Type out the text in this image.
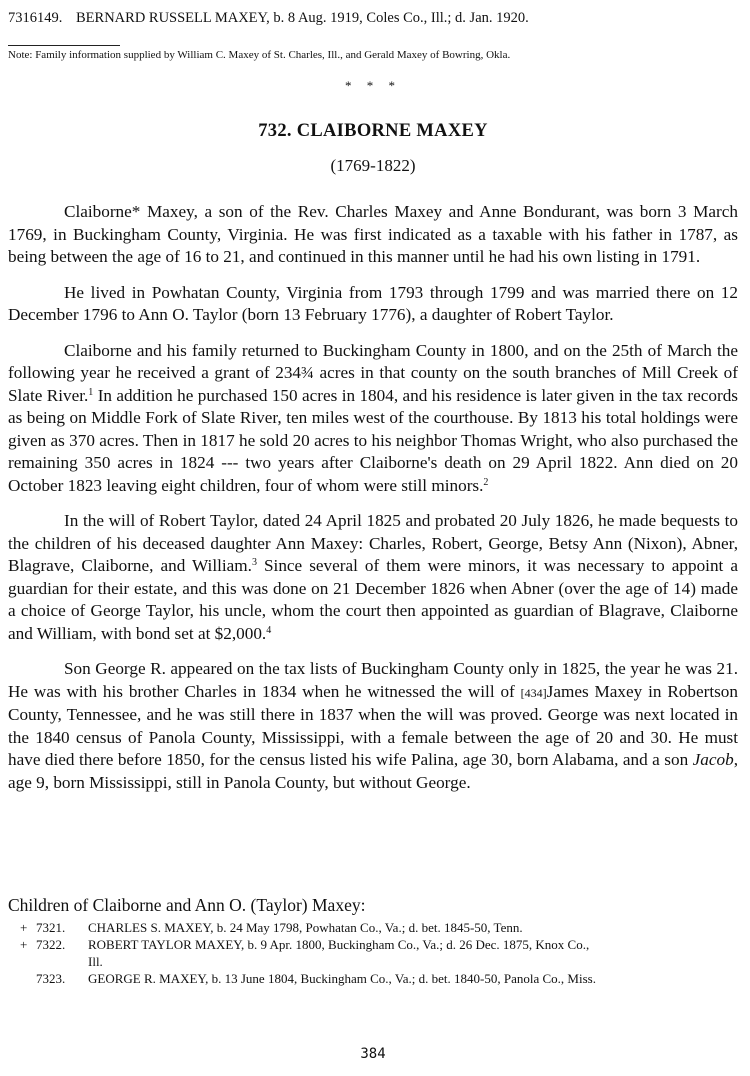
7316149. BERNARD RUSSELL MAXEY, b. 8 Aug. 1919, Coles Co., Ill.; d. Jan. 1920.
Note: Family information supplied by William C. Maxey of St. Charles, Ill., and Gerald Maxey of Bowring, Okla.
* * *
732. CLAIBORNE MAXEY
(1769-1822)

Claiborne* Maxey, a son of the Rev. Charles Maxey and Anne Bondurant, was born 3 March 1769, in Buckingham County, Virginia. He was first indicated as a taxable with his father in 1787, as being between the age of 16 to 21, and continued in this manner until he had his own listing in 1791.

He lived in Powhatan County, Virginia from 1793 through 1799 and was married there on 12 December 1796 to Ann O. Taylor (born 13 February 1776), a daughter of Robert Taylor.

Claiborne and his family returned to Buckingham County in 1800, and on the 25th of March the following year he received a grant of 234¾ acres in that county on the south branches of Mill Creek of Slate River.$^1$ In addition he purchased 150 acres in 1804, and his residence is later given in the tax records as being on Middle Fork of Slate River, ten miles west of the courthouse. By 1813 his total holdings were given as 370 acres. Then in 1817 he sold 20 acres to his neighbor Thomas Wright, who also purchased the remaining 350 acres in 1824 --- two years after Claiborne's death on 29 April 1822. Ann died on 20 October 1823 leaving eight children, four of whom were still minors.$^2$

In the will of Robert Taylor, dated 24 April 1825 and probated 20 July 1826, he made bequests to the children of his deceased daughter Ann Maxey: Charles, Robert, George, Betsy Ann (Nixon), Abner, Blagrave, Claiborne, and William.$^3$ Since several of them were minors, it was necessary to appoint a guardian for their estate, and this was done on 21 December 1826 when Abner (over the age of 14) made a choice of George Taylor, his uncle, whom the court then appointed as guardian of Blagrave, Claiborne and William, with bond set at $2,000.$^4$

Son George R. appeared on the tax lists of Buckingham County only in 1825, the year he was 21. He was with his brother Charles in 1834 when he witnessed the will of [434]James Maxey in Robertson County, Tennessee, and he was still there in 1837 when the will was proved. George was next located in the 1840 census of Panola County, Mississippi, with a female between the age of 20 and 30. He must have died there before 1850, for the census listed his wife Palina, age 30, born Alabama, and a son Jacob, age 9, born Mississippi, still in Panola County, but without George.

Children of Claiborne and Ann O. (Taylor) Maxey:
+ 7321. CHARLES S. MAXEY, b. 24 May 1798, Powhatan Co., Va.; d. bet. 1845-50, Tenn.
+ 7322. ROBERT TAYLOR MAXEY, b. 9 Apr. 1800, Buckingham Co., Va.; d. 26 Dec. 1875, Knox Co.,
Ill.
7323. GEORGE R. MAXEY, b. 13 June 1804, Buckingham Co., Va.; d. bet. 1840-50, Panola Co., Miss.
384
